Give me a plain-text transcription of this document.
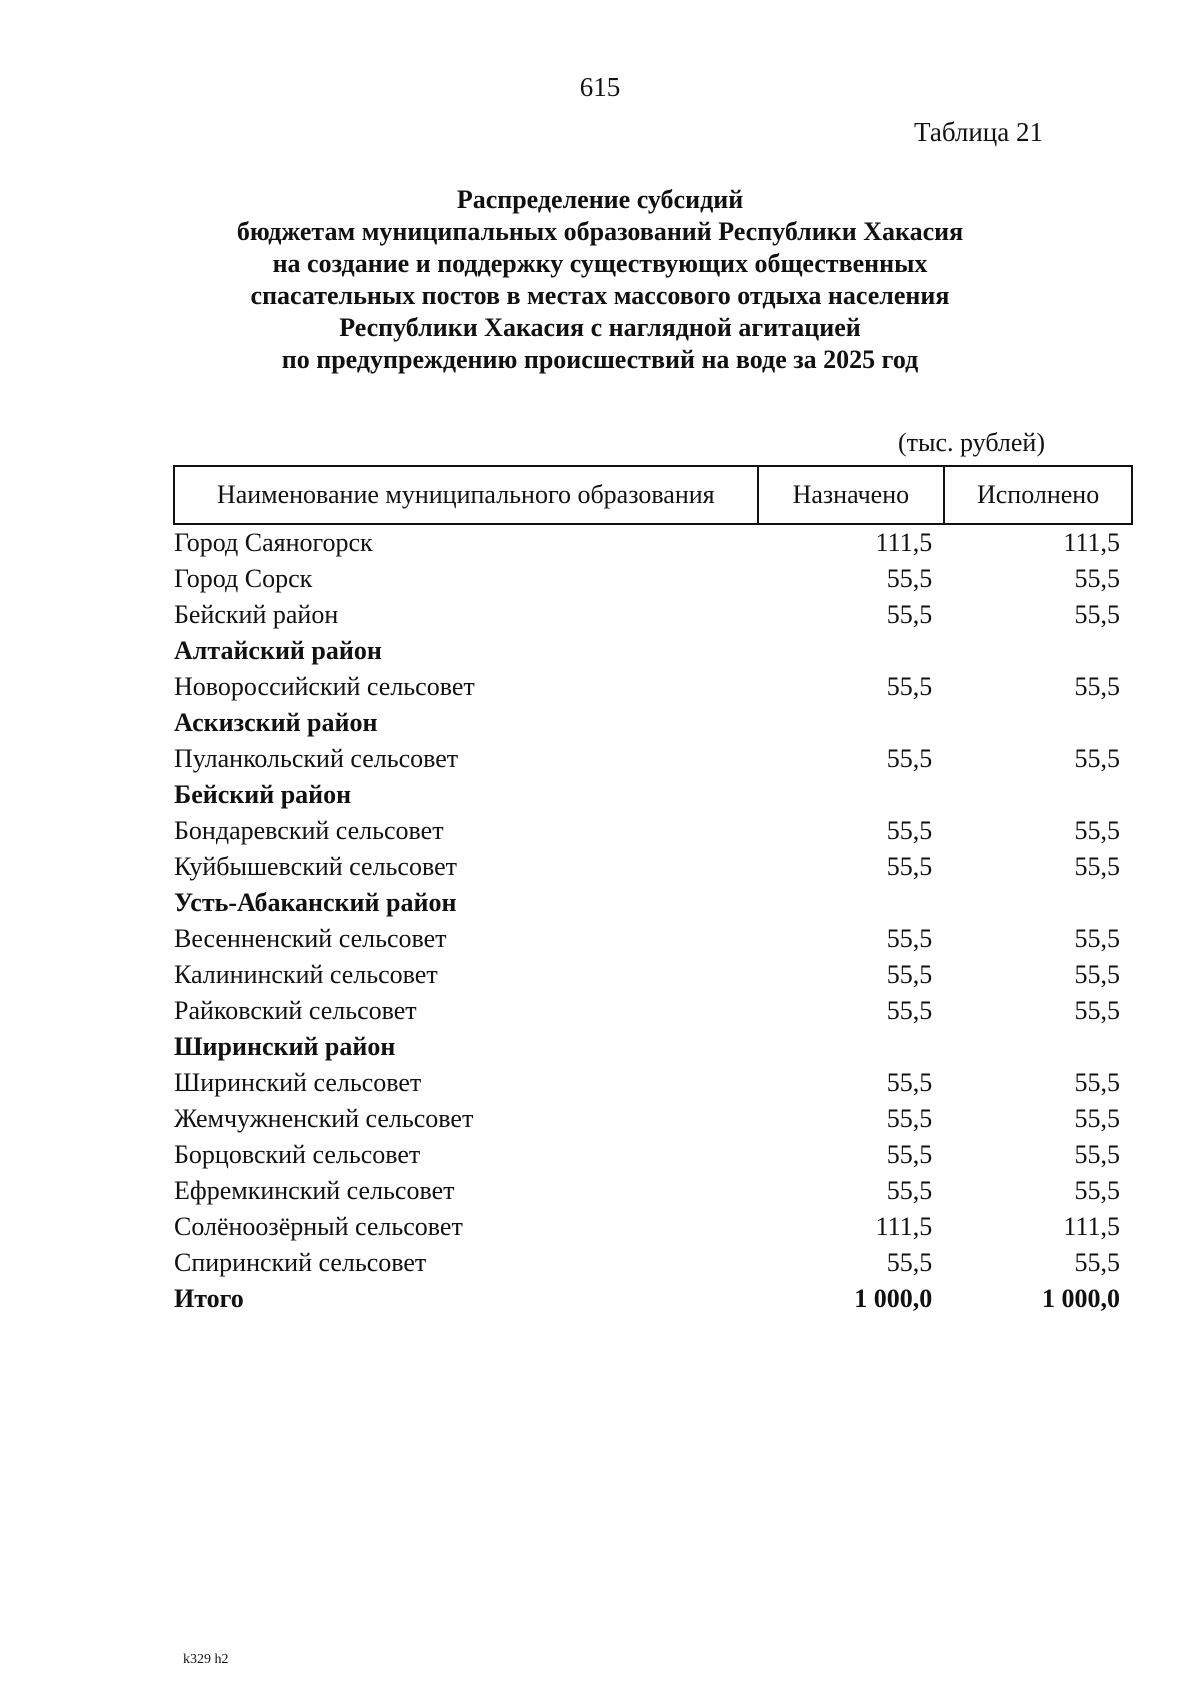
615
Таблица 21
Распределение субсидий
бюджетам муниципальных образований Республики Хакасия
на создание и поддержку существующих общественных
спасательных постов в местах массового отдыха населения
Республики Хакасия с наглядной агитацией
по предупреждению происшествий на воде за 2025 год
(тыс. рублей)
Наименование муниципального образования	Назначено	Исполнено
Город Саяногорск	111,5	111,5
Город Сорск	55,5	55,5
Бейский район	55,5	55,5
Алтайский район		
Новороссийский сельсовет	55,5	55,5
Аскизский район		
Пуланкольский сельсовет	55,5	55,5
Бейский район		
Бондаревский сельсовет	55,5	55,5
Куйбышевский сельсовет	55,5	55,5
Усть-Абаканский район		
Весенненский сельсовет	55,5	55,5
Калининский сельсовет	55,5	55,5
Райковский сельсовет	55,5	55,5
Ширинский район		
Ширинский сельсовет	55,5	55,5
Жемчужненский сельсовет	55,5	55,5
Борцовский сельсовет	55,5	55,5
Ефремкинский сельсовет	55,5	55,5
Солёноозёрный сельсовет	111,5	111,5
Спиринский сельсовет	55,5	55,5
Итого	1 000,0	1 000,0
k329 h2
